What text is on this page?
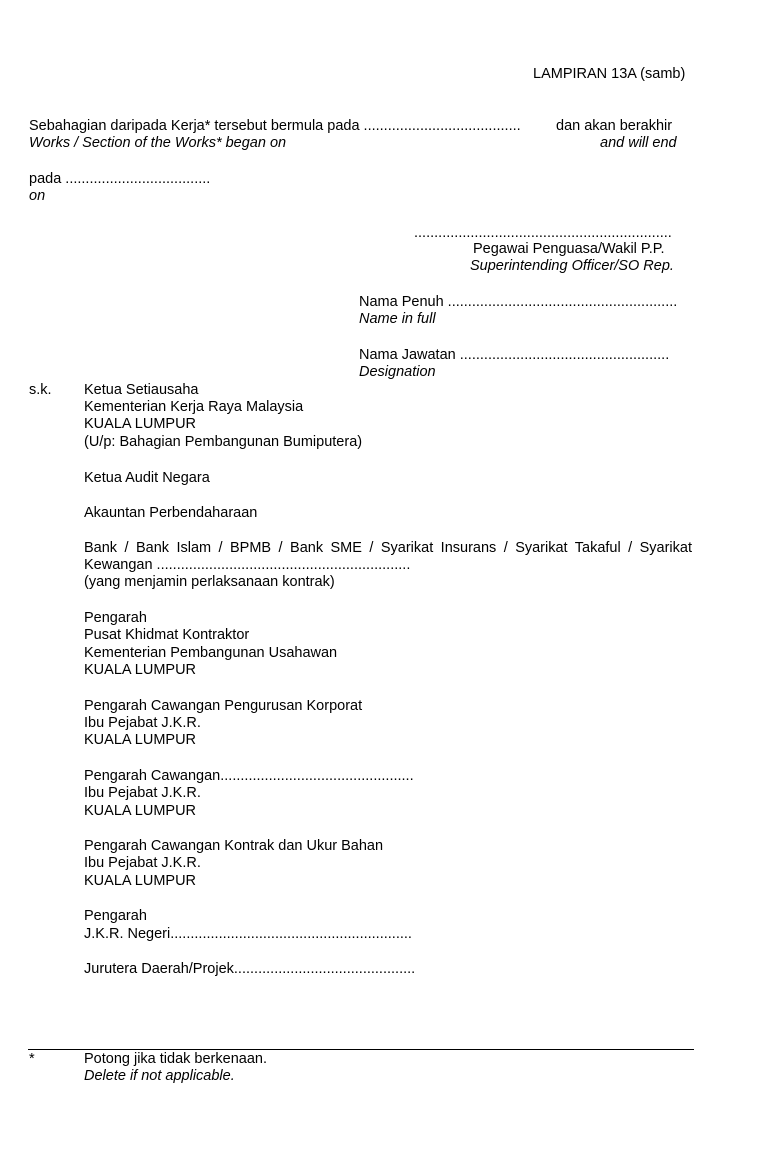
LAMPIRAN 13A (samb)
Sebahagian daripada Kerja* tersebut bermula pada ....................................... dan akan berakhir
Works / Section of the Works* began on	and will end
pada ....................................
on
................................................................
Pegawai Penguasa/Wakil P.P.
Superintending Officer/SO Rep.
Nama Penuh .........................................................
Name in full
Nama Jawatan ....................................................
Designation
s.k. Ketua Setiausaha
Kementerian Kerja Raya Malaysia
KUALA LUMPUR
(U/p: Bahagian Pembangunan Bumiputera)
Ketua Audit Negara
Akauntan Perbendaharaan
Bank / Bank Islam / BPMB / Bank SME / Syarikat Insurans / Syarikat Takaful / Syarikat
Kewangan ...............................................................
(yang menjamin perlaksanaan kontrak)
Pengarah
Pusat Khidmat Kontraktor
Kementerian Pembangunan Usahawan
KUALA LUMPUR
Pengarah Cawangan Pengurusan Korporat
Ibu Pejabat J.K.R.
KUALA LUMPUR
Pengarah Cawangan................................................
Ibu Pejabat J.K.R.
KUALA LUMPUR
Pengarah Cawangan Kontrak dan Ukur Bahan
Ibu Pejabat J.K.R.
KUALA LUMPUR
Pengarah
J.K.R. Negeri............................................................
Jurutera Daerah/Projek.............................................
*	Potong jika tidak berkenaan.
Delete if not applicable.
